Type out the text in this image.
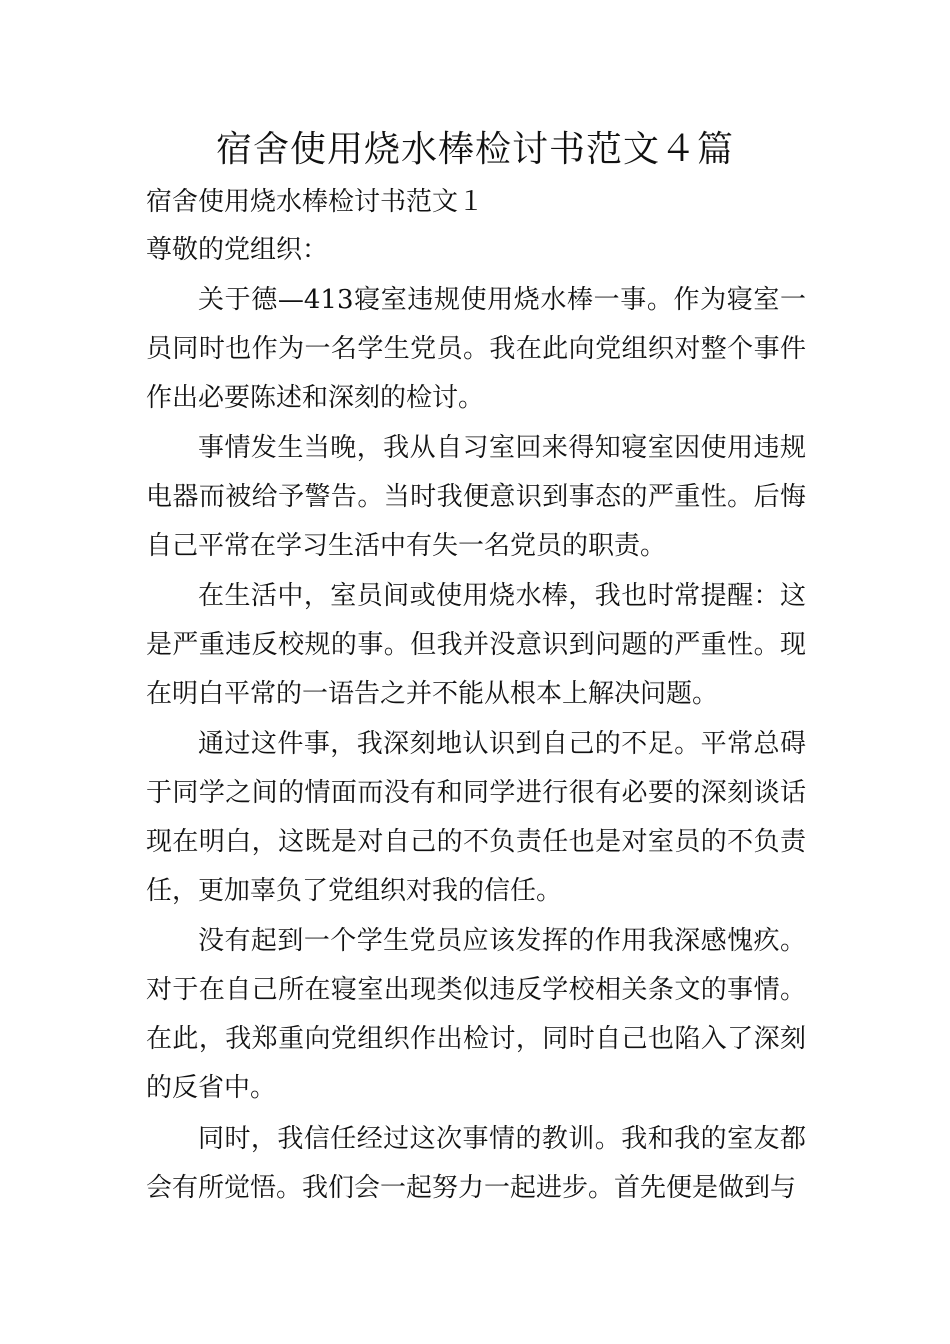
宿舍使用烧水棒检讨书范文４篇
宿舍使用烧水棒检讨书范文１
尊敬的党组织：

关于德—413寝室违规使用烧水棒一事。作为寝室一员同时也作为一名学生党员。我在此向党组织对整个事件作出必要陈述和深刻的检讨。

事情发生当晚，我从自习室回来得知寝室因使用违规电器而被给予警告。当时我便意识到事态的严重性。后悔自己平常在学习生活中有失一名党员的职责。

在生活中，室员间或使用烧水棒，我也时常提醒：这是严重违反校规的事。但我并没意识到问题的严重性。现在明白平常的一语告之并不能从根本上解决问题。

通过这件事，我深刻地认识到自己的不足。平常总碍于同学之间的情面而没有和同学进行很有必要的深刻谈话现在明白，这既是对自己的不负责任也是对室员的不负责任，更加辜负了党组织对我的信任。

没有起到一个学生党员应该发挥的作用我深感愧疚。对于在自己所在寝室出现类似违反学校相关条文的事情。在此，我郑重向党组织作出检讨，同时自己也陷入了深刻的反省中。

同时，我信任经过这次事情的教训。我和我的室友都会有所觉悟。我们会一起努力一起进步。首先便是做到与
